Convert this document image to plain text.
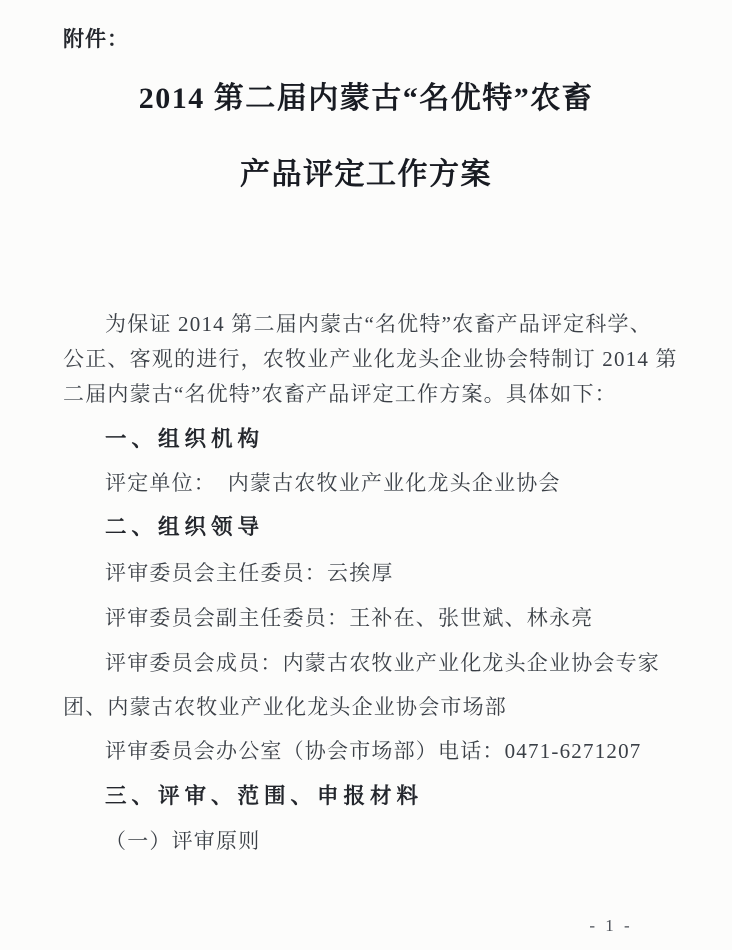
附件：
2014 第二届内蒙古“名优特”农畜
产品评定工作方案
为保证 2014 第二届内蒙古“名优特”农畜产品评定科学、
公正、客观的进行，农牧业产业化龙头企业协会特制订 2014 第
二届内蒙古“名优特”农畜产品评定工作方案。具体如下：
一、组织机构
评定单位：　内蒙古农牧业产业化龙头企业协会
二、组织领导
评审委员会主任委员：云挨厚
评审委员会副主任委员：王补在、张世斌、林永亮
评审委员会成员：内蒙古农牧业产业化龙头企业协会专家
团、内蒙古农牧业产业化龙头企业协会市场部
评审委员会办公室（协会市场部）电话：0471-6271207
三、评审、范围、申报材料
（一）评审原则
- 1 -
